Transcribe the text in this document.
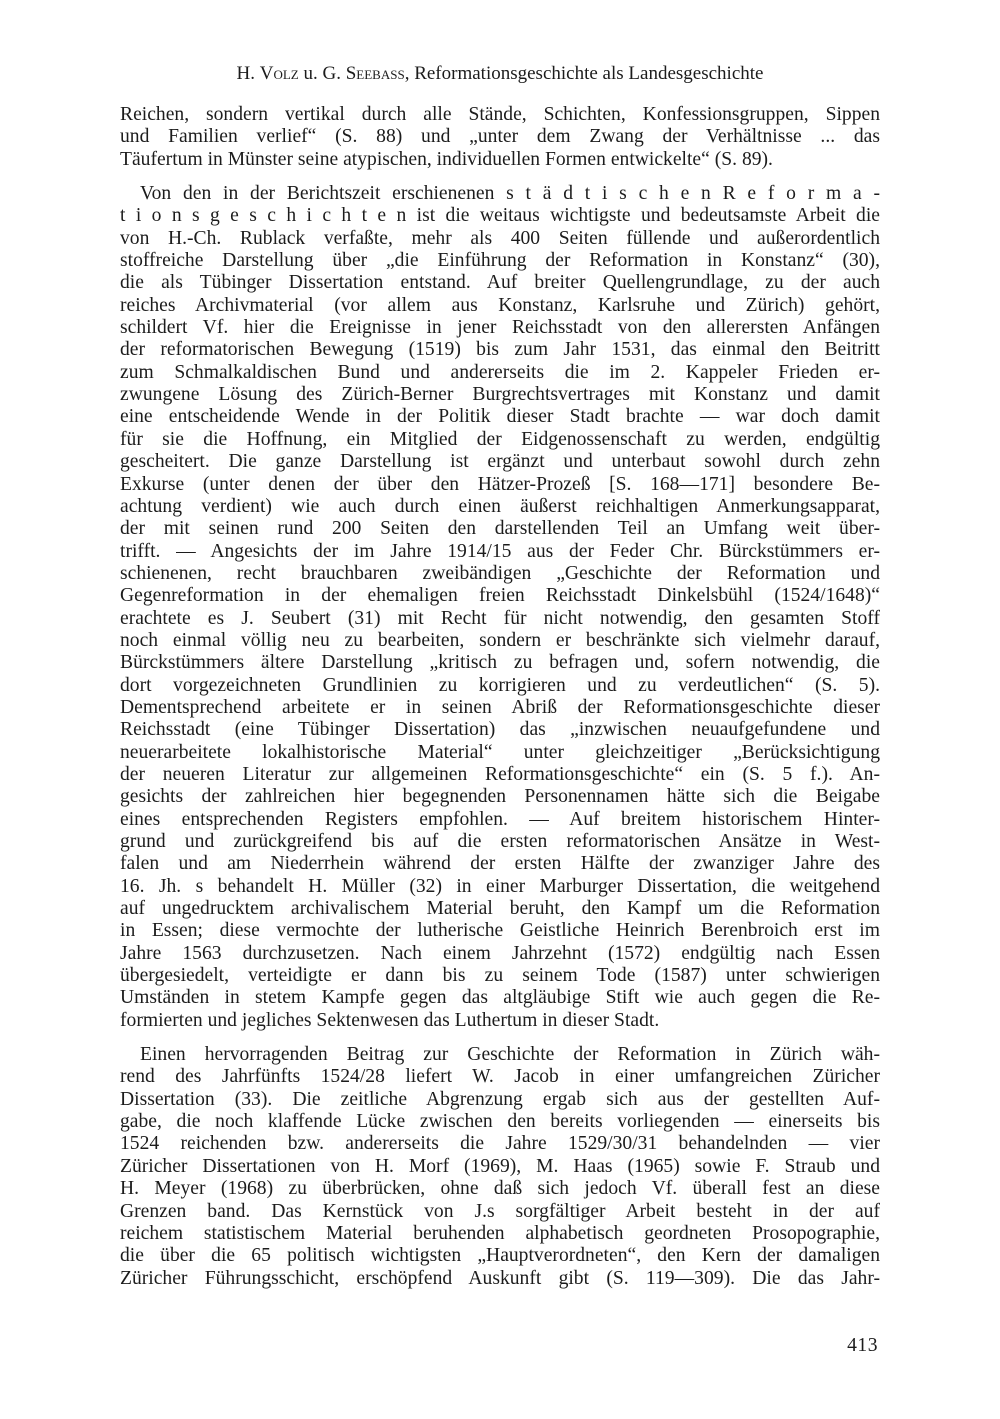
H. Volz u. G. Seebass, Reformationsgeschichte als Landesgeschichte
Reichen, sondern vertikal durch alle Stände, Schichten, Konfessionsgruppen, Sippen
und Familien verlief“ (S. 88) und „unter dem Zwang der Verhältnisse ... das
Täufertum in Münster seine atypischen, individuellen Formen entwickelte“ (S. 89).
Von den in der Berichtszeit erschienenen s t ä d t i s c h e n R e f o r m a -
t i o n s g e s c h i c h t e n ist die weitaus wichtigste und bedeutsamste Arbeit die
von H.-Ch. Rublack verfaßte, mehr als 400 Seiten füllende und außerordentlich
stoffreiche Darstellung über „die Einführung der Reformation in Konstanz“ (30),
die als Tübinger Dissertation entstand. Auf breiter Quellengrundlage, zu der auch
reiches Archivmaterial (vor allem aus Konstanz, Karlsruhe und Zürich) gehört,
schildert Vf. hier die Ereignisse in jener Reichsstadt von den allerersten Anfängen
der reformatorischen Bewegung (1519) bis zum Jahr 1531, das einmal den Beitritt
zum Schmalkaldischen Bund und andererseits die im 2. Kappeler Frieden er-
zwungene Lösung des Zürich-Berner Burgrechtsvertrages mit Konstanz und damit
eine entscheidende Wende in der Politik dieser Stadt brachte — war doch damit
für sie die Hoffnung, ein Mitglied der Eidgenossenschaft zu werden, endgültig
gescheitert. Die ganze Darstellung ist ergänzt und unterbaut sowohl durch zehn
Exkurse (unter denen der über den Hätzer-Prozeß [S. 168—171] besondere Be-
achtung verdient) wie auch durch einen äußerst reichhaltigen Anmerkungsapparat,
der mit seinen rund 200 Seiten den darstellenden Teil an Umfang weit über-
trifft. — Angesichts der im Jahre 1914/15 aus der Feder Chr. Bürckstümmers er-
schienenen, recht brauchbaren zweibändigen „Geschichte der Reformation und
Gegenreformation in der ehemaligen freien Reichsstadt Dinkelsbühl (1524/1648)“
erachtete es J. Seubert (31) mit Recht für nicht notwendig, den gesamten Stoff
noch einmal völlig neu zu bearbeiten, sondern er beschränkte sich vielmehr darauf,
Bürckstümmers ältere Darstellung „kritisch zu befragen und, sofern notwendig, die
dort vorgezeichneten Grundlinien zu korrigieren und zu verdeutlichen“ (S. 5).
Dementsprechend arbeitete er in seinen Abriß der Reformationsgeschichte dieser
Reichsstadt (eine Tübinger Dissertation) das „inzwischen neuaufgefundene und
neuerarbeitete lokalhistorische Material“ unter gleichzeitiger „Berücksichtigung
der neueren Literatur zur allgemeinen Reformationsgeschichte“ ein (S. 5 f.). An-
gesichts der zahlreichen hier begegnenden Personennamen hätte sich die Beigabe
eines entsprechenden Registers empfohlen. — Auf breitem historischem Hinter-
grund und zurückgreifend bis auf die ersten reformatorischen Ansätze in West-
falen und am Niederrhein während der ersten Hälfte der zwanziger Jahre des
16. Jh. s behandelt H. Müller (32) in einer Marburger Dissertation, die weitgehend
auf ungedrucktem archivalischem Material beruht, den Kampf um die Reformation
in Essen; diese vermochte der lutherische Geistliche Heinrich Berenbroich erst im
Jahre 1563 durchzusetzen. Nach einem Jahrzehnt (1572) endgültig nach Essen
übergesiedelt, verteidigte er dann bis zu seinem Tode (1587) unter schwierigen
Umständen in stetem Kampfe gegen das altgläubige Stift wie auch gegen die Re-
formierten und jegliches Sektenwesen das Luthertum in dieser Stadt.
Einen hervorragenden Beitrag zur Geschichte der Reformation in Zürich wäh-
rend des Jahrfünfts 1524/28 liefert W. Jacob in einer umfangreichen Züricher
Dissertation (33). Die zeitliche Abgrenzung ergab sich aus der gestellten Auf-
gabe, die noch klaffende Lücke zwischen den bereits vorliegenden — einerseits bis
1524 reichenden bzw. andererseits die Jahre 1529/30/31 behandelnden — vier
Züricher Dissertationen von H. Morf (1969), M. Haas (1965) sowie F. Straub und
H. Meyer (1968) zu überbrücken, ohne daß sich jedoch Vf. überall fest an diese
Grenzen band. Das Kernstück von J.s sorgfältiger Arbeit besteht in der auf
reichem statistischem Material beruhenden alphabetisch geordneten Prosopographie,
die über die 65 politisch wichtigsten „Hauptverordneten“, den Kern der damaligen
Züricher Führungsschicht, erschöpfend Auskunft gibt (S. 119—309). Die das Jahr-
413
